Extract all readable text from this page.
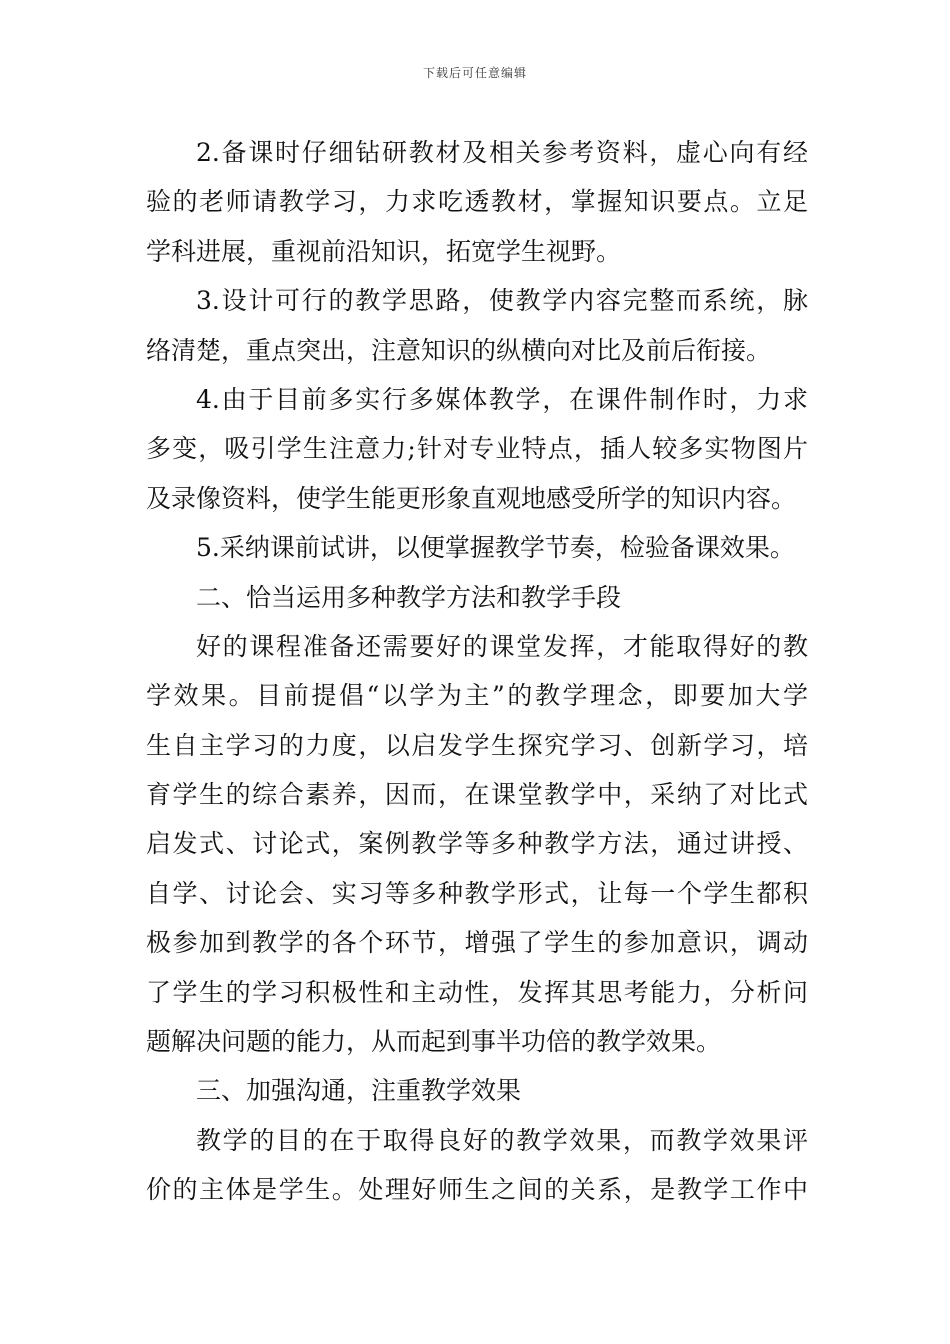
下载后可任意编辑
2.备课时仔细钻研教材及相关参考资料，虚心向有经
验的老师请教学习，力求吃透教材，掌握知识要点。立足
学科进展，重视前沿知识，拓宽学生视野。
3.设计可行的教学思路，使教学内容完整而系统，脉
络清楚，重点突出，注意知识的纵横向对比及前后衔接。
4.由于目前多实行多媒体教学，在课件制作时，力求
多变，吸引学生注意力;针对专业特点，插人较多实物图片
及录像资料，使学生能更形象直观地感受所学的知识内容。
5.采纳课前试讲，以便掌握教学节奏，检验备课效果。
二、恰当运用多种教学方法和教学手段
好的课程准备还需要好的课堂发挥，才能取得好的教
学效果。目前提倡“以学为主”的教学理念，即要加大学
生自主学习的力度，以启发学生探究学习、创新学习，培
育学生的综合素养，因而，在课堂教学中，采纳了对比式
启发式、讨论式，案例教学等多种教学方法，通过讲授、
自学、讨论会、实习等多种教学形式，让每一个学生都积
极参加到教学的各个环节，增强了学生的参加意识，调动
了学生的学习积极性和主动性，发挥其思考能力，分析问
题解决问题的能力，从而起到事半功倍的教学效果。
三、加强沟通，注重教学效果
教学的目的在于取得良好的教学效果，而教学效果评
价的主体是学生。处理好师生之间的关系，是教学工作中
